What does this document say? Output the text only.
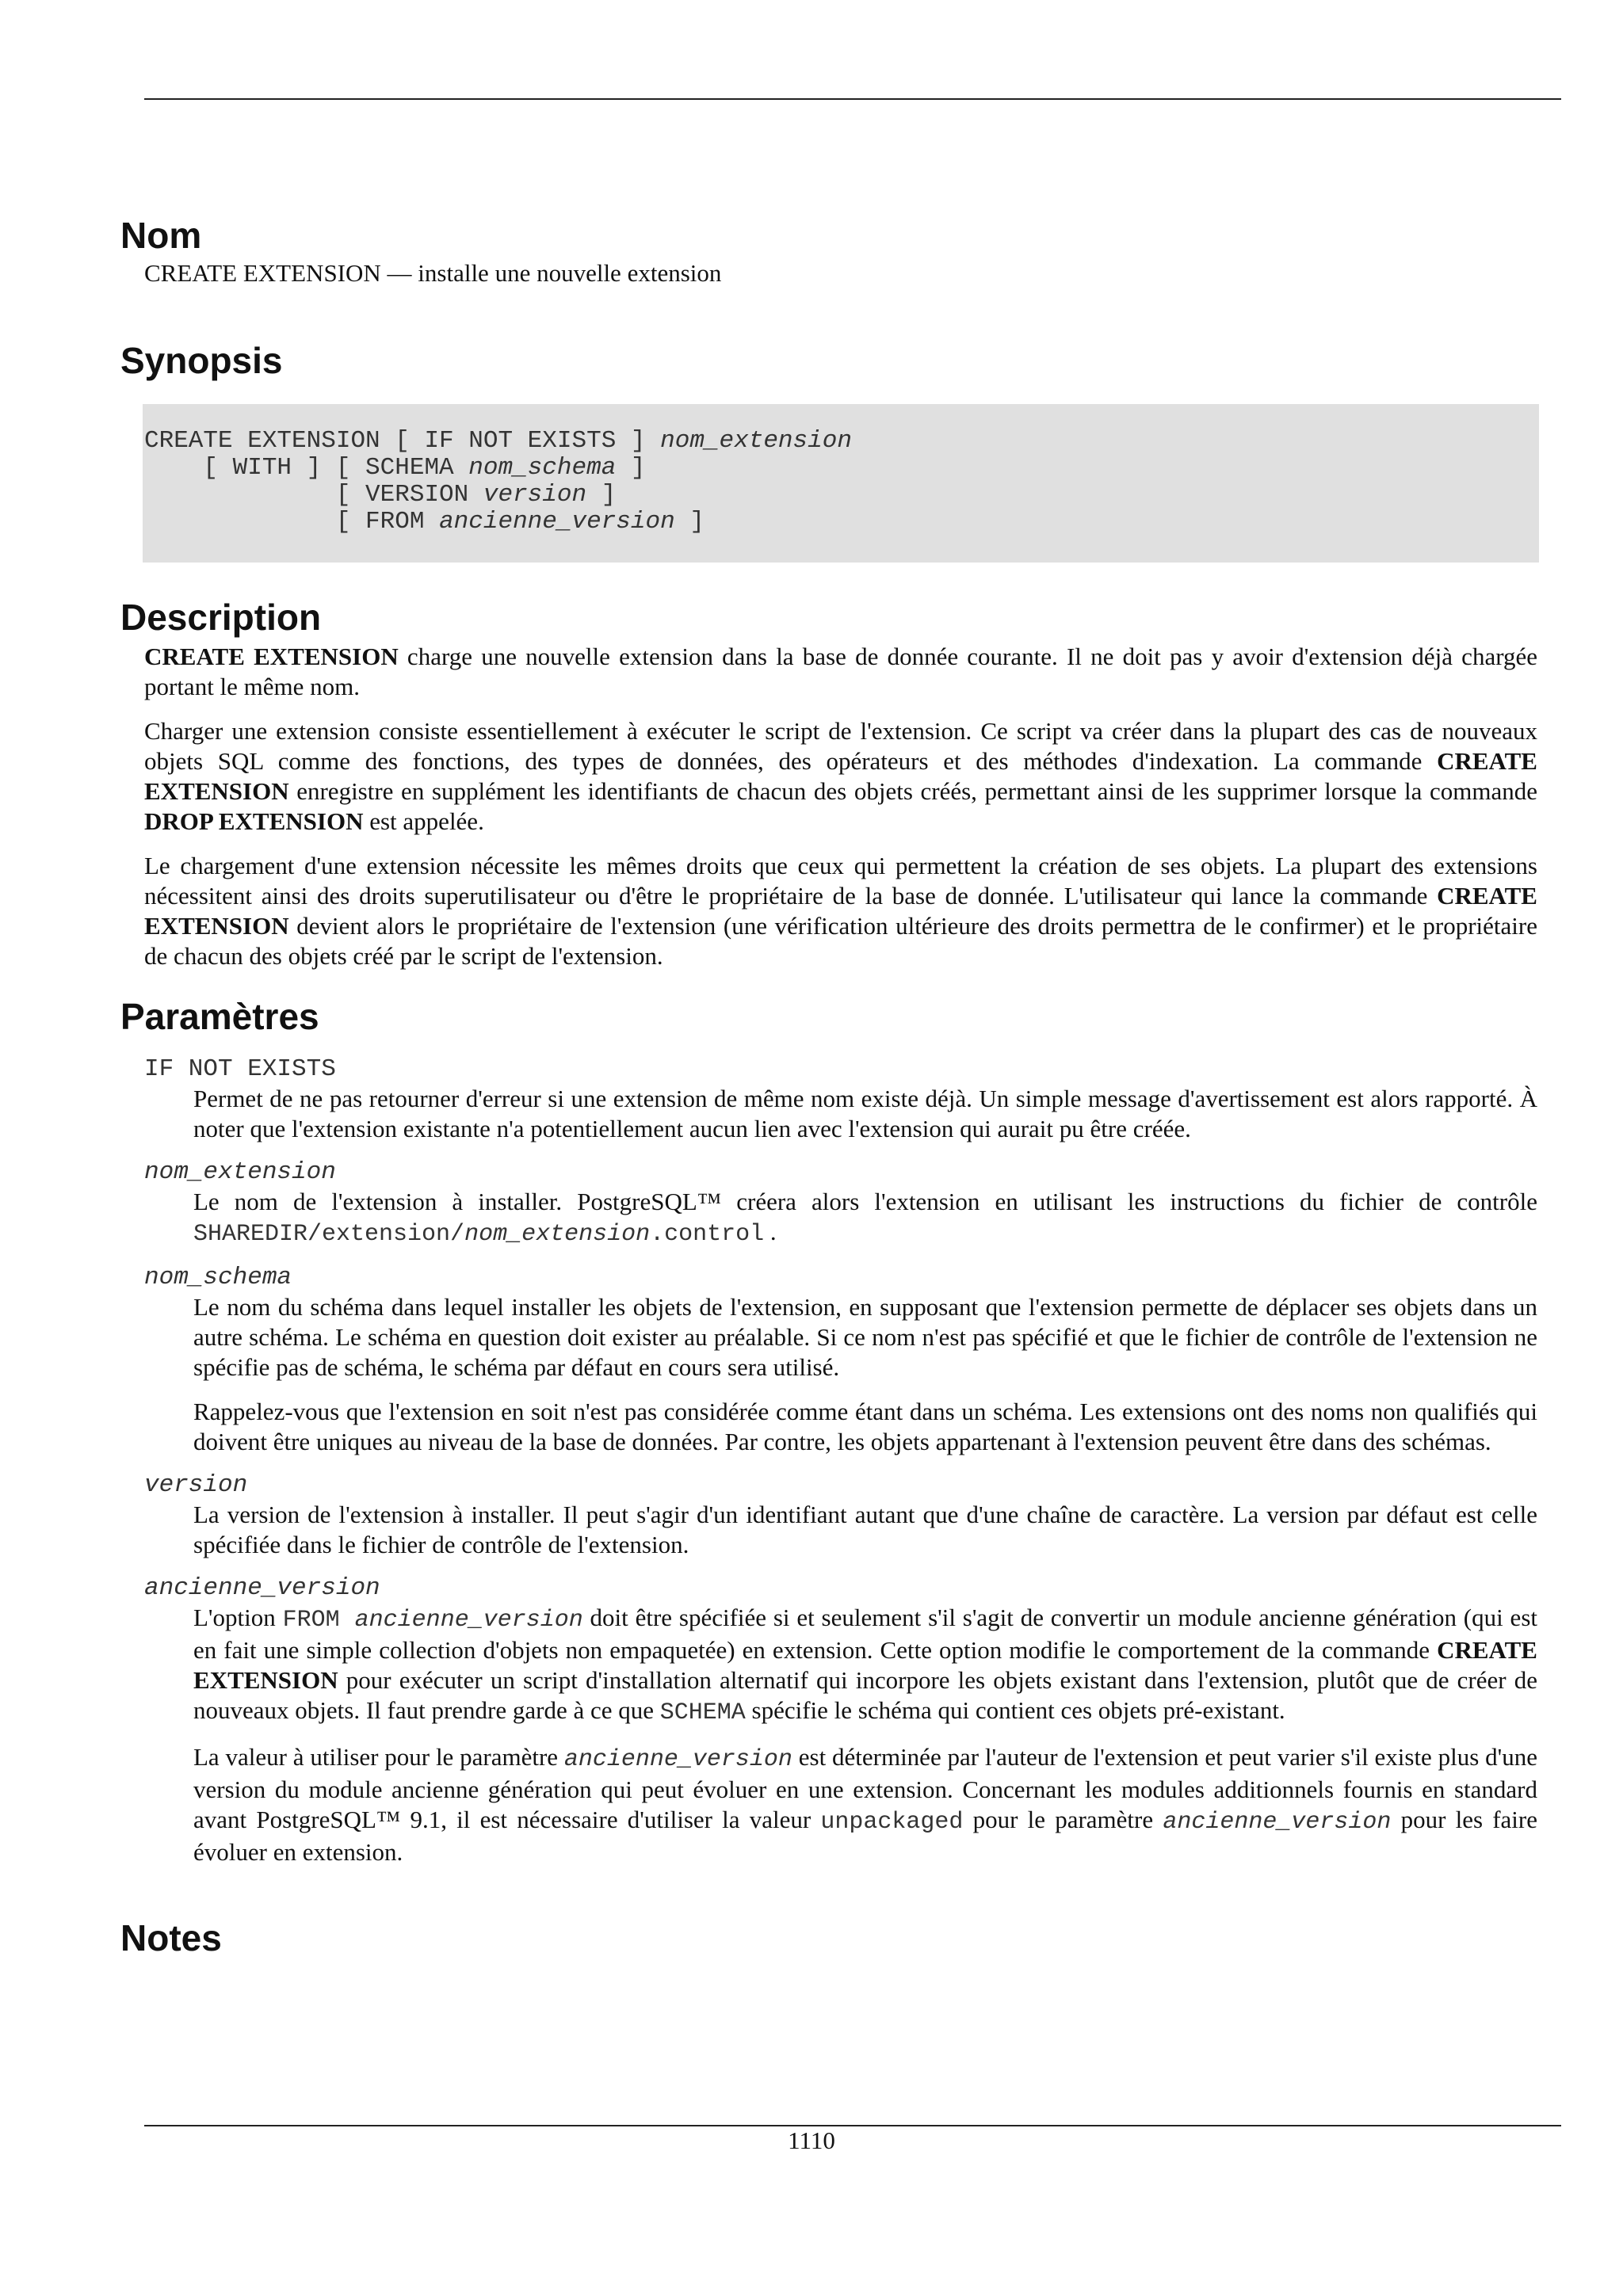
Nom

CREATE EXTENSION — installe une nouvelle extension

Synopsis
CREATE EXTENSION [ IF NOT EXISTS ] nom_extension
[ WITH ] [ SCHEMA nom_schema ]
[ VERSION version ]
[ FROM ancienne_version ]
Description

CREATE EXTENSION charge une nouvelle extension dans la base de donnée courante. Il ne doit pas y avoir d'extension déjà chargée portant le même nom.

Charger une extension consiste essentiellement à exécuter le script de l'extension. Ce script va créer dans la plupart des cas de nouveaux objets SQL comme des fonctions, des types de données, des opérateurs et des méthodes d'indexation. La commande CREATE EXTENSION enregistre en supplément les identifiants de chacun des objets créés, permettant ainsi de les supprimer lorsque la commande DROP EXTENSION est appelée.

Le chargement d'une extension nécessite les mêmes droits que ceux qui permettent la création de ses objets. La plupart des extensions nécessitent ainsi des droits superutilisateur ou d'être le propriétaire de la base de donnée. L'utilisateur qui lance la commande CREATE EXTENSION devient alors le propriétaire de l'extension (une vérification ultérieure des droits permettra de le confirmer) et le propriétaire de chacun des objets créé par le script de l'extension.

Paramètres
IF NOT EXISTS

Permet de ne pas retourner d'erreur si une extension de même nom existe déjà. Un simple message d'avertissement est alors rapporté. À noter que l'extension existante n'a potentiellement aucun lien avec l'extension qui aurait pu être créée.

nom_extension

Le nom de l'extension à installer. PostgreSQL™ créera alors l'extension en utilisant les instructions du fichier de contrôle SHAREDIR/extension/nom_extension.control .

nom_schema

Le nom du schéma dans lequel installer les objets de l'extension, en supposant que l'extension permette de déplacer ses objets dans un autre schéma. Le schéma en question doit exister au préalable. Si ce nom n'est pas spécifié et que le fichier de contrôle de l'extension ne spécifie pas de schéma, le schéma par défaut en cours sera utilisé.

Rappelez-vous que l'extension en soit n'est pas considérée comme étant dans un schéma. Les extensions ont des noms non qualifiés qui doivent être uniques au niveau de la base de données. Par contre, les objets appartenant à l'extension peuvent être dans des schémas.

version

La version de l'extension à installer. Il peut s'agir d'un identifiant autant que d'une chaîne de caractère. La version par défaut est celle spécifiée dans le fichier de contrôle de l'extension.

ancienne_version

L'option FROM ancienne_version doit être spécifiée si et seulement s'il s'agit de convertir un module ancienne génération (qui est en fait une simple collection d'objets non empaquetée) en extension. Cette option modifie le comportement de la commande CREATE EXTENSION pour exécuter un script d'installation alternatif qui incorpore les objets existant dans l'extension, plutôt que de créer de nouveaux objets. Il faut prendre garde à ce que SCHEMA spécifie le schéma qui contient ces objets pré-existant.

La valeur à utiliser pour le paramètre ancienne_version est déterminée par l'auteur de l'extension et peut varier s'il existe plus d'une version du module ancienne génération qui peut évoluer en une extension. Concernant les modules additionnels fournis en standard avant PostgreSQL™ 9.1, il est nécessaire d'utiliser la valeur unpackaged pour le paramètre ancienne_version pour les faire évoluer en extension.

Notes
1110
